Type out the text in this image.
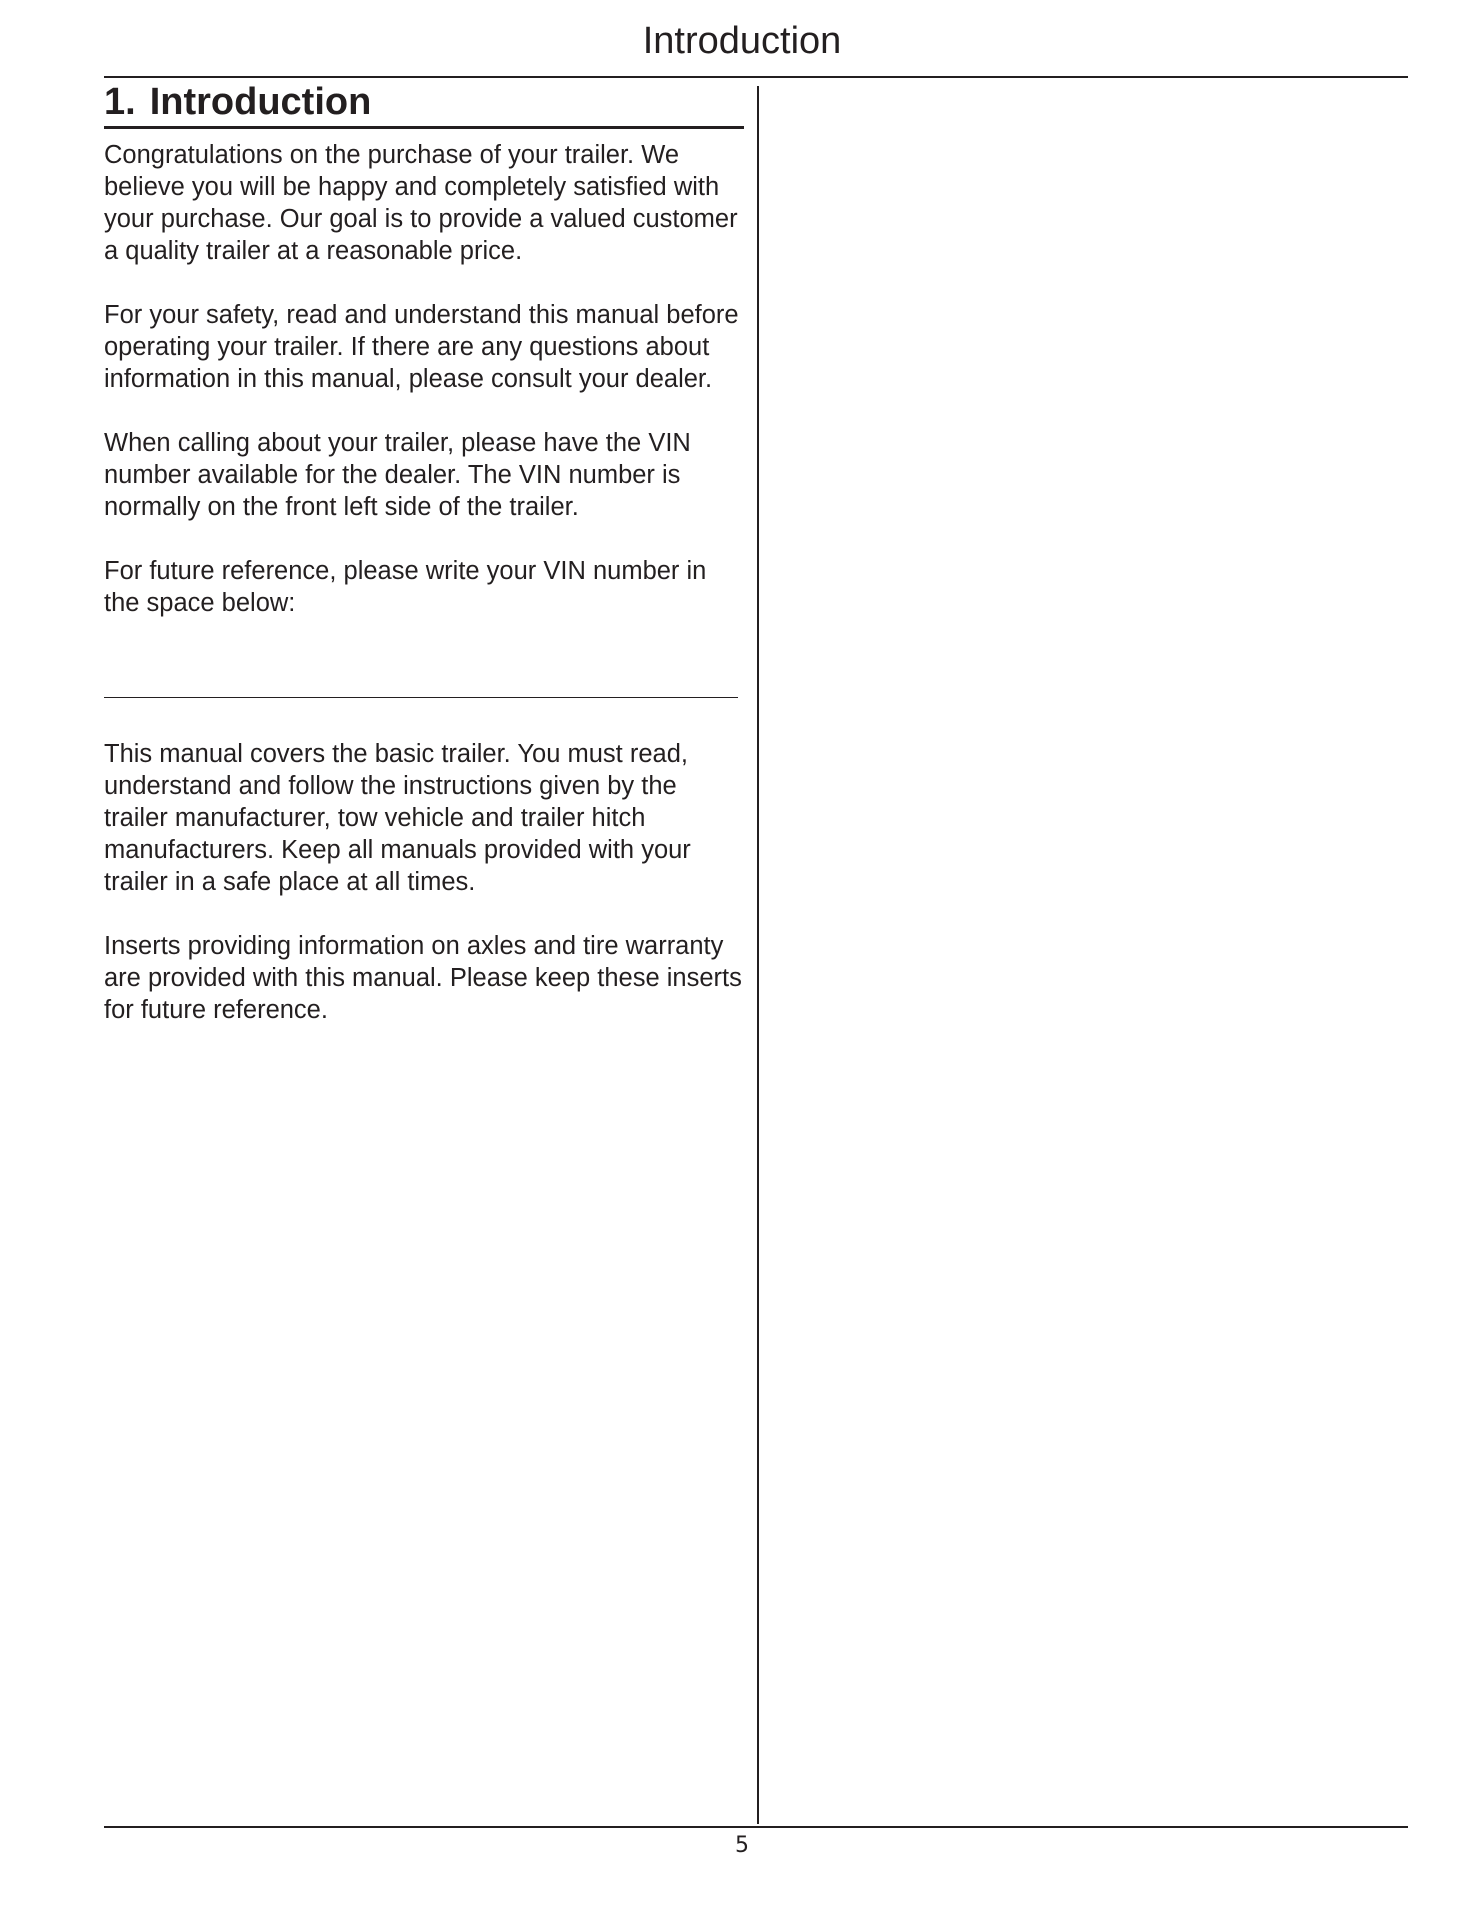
Introduction
1. Introduction

Congratulations on the purchase of your trailer. We believe you will be happy and completely satisfied with your purchase. Our goal is to provide a valued customer a quality trailer at a reasonable price.

For your safety, read and understand this manual before operating your trailer. If there are any questions about information in this manual, please consult your dealer.

When calling about your trailer, please have the VIN number available for the dealer. The VIN number is normally on the front left side of the trailer.

For future reference, please write your VIN number in the space below:

This manual covers the basic trailer. You must read, understand and follow the instructions given by the trailer manufacturer, tow vehicle and trailer hitch manufacturers. Keep all manuals provided with your trailer in a safe place at all times.

Inserts providing information on axles and tire warranty are provided with this manual. Please keep these inserts for future reference.

5
